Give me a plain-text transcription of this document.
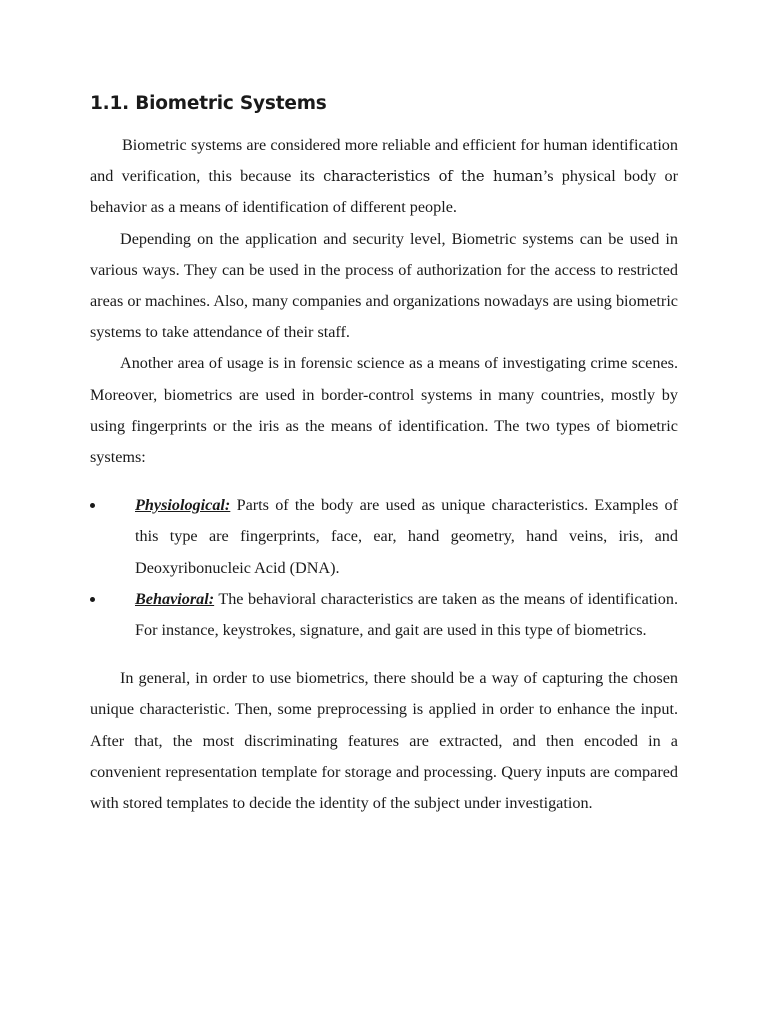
1.1. Biometric Systems

Biometric systems are considered more reliable and efficient for human identification and verification, this because its characteristics of the human’s physical body or behavior as a means of identification of different people.

Depending on the application and security level, Biometric systems can be used in various ways. They can be used in the process of authorization for the access to restricted areas or machines. Also, many companies and organizations nowadays are using biometric systems to take attendance of their staff.

Another area of usage is in forensic science as a means of investigating crime scenes. Moreover, biometrics are used in border-control systems in many countries, mostly by using fingerprints or the iris as the means of identification. The two types of biometric systems:

Physiological: Parts of the body are used as unique characteristics. Examples of this type are fingerprints, face, ear, hand geometry, hand veins, iris, and Deoxyribonucleic Acid (DNA).
Behavioral: The behavioral characteristics are taken as the means of identification. For instance, keystrokes, signature, and gait are used in this type of biometrics.

In general, in order to use biometrics, there should be a way of capturing the chosen unique characteristic. Then, some preprocessing is applied in order to enhance the input. After that, the most discriminating features are extracted, and then encoded in a convenient representation template for storage and processing. Query inputs are compared with stored templates to decide the identity of the subject under investigation.
